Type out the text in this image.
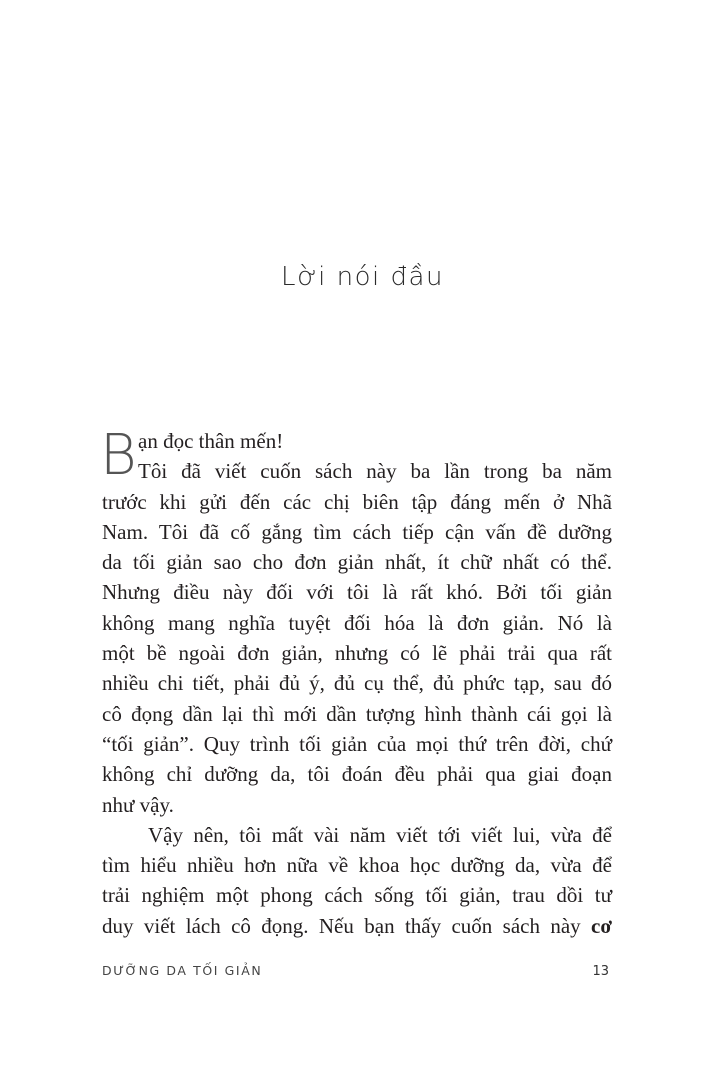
Lời nói đầu
B ạn đọc thân mến!
Tôi đã viết cuốn sách này ba lần trong ba năm
trước khi gửi đến các chị biên tập đáng mến ở Nhã
Nam. Tôi đã cố gắng tìm cách tiếp cận vấn đề dưỡng
da tối giản sao cho đơn giản nhất, ít chữ nhất có thể.
Nhưng điều này đối với tôi là rất khó. Bởi tối giản
không mang nghĩa tuyệt đối hóa là đơn giản. Nó là
một bề ngoài đơn giản, nhưng có lẽ phải trải qua rất
nhiều chi tiết, phải đủ ý, đủ cụ thể, đủ phức tạp, sau đó
cô đọng dần lại thì mới dần tượng hình thành cái gọi là
“tối giản”. Quy trình tối giản của mọi thứ trên đời, chứ
không chỉ dưỡng da, tôi đoán đều phải qua giai đoạn
như vậy.
Vậy nên, tôi mất vài năm viết tới viết lui, vừa để
tìm hiểu nhiều hơn nữa về khoa học dưỡng da, vừa để
trải nghiệm một phong cách sống tối giản, trau dồi tư
duy viết lách cô đọng. Nếu bạn thấy cuốn sách này cơ
DƯỠNG DA TỐI GIẢN	13
